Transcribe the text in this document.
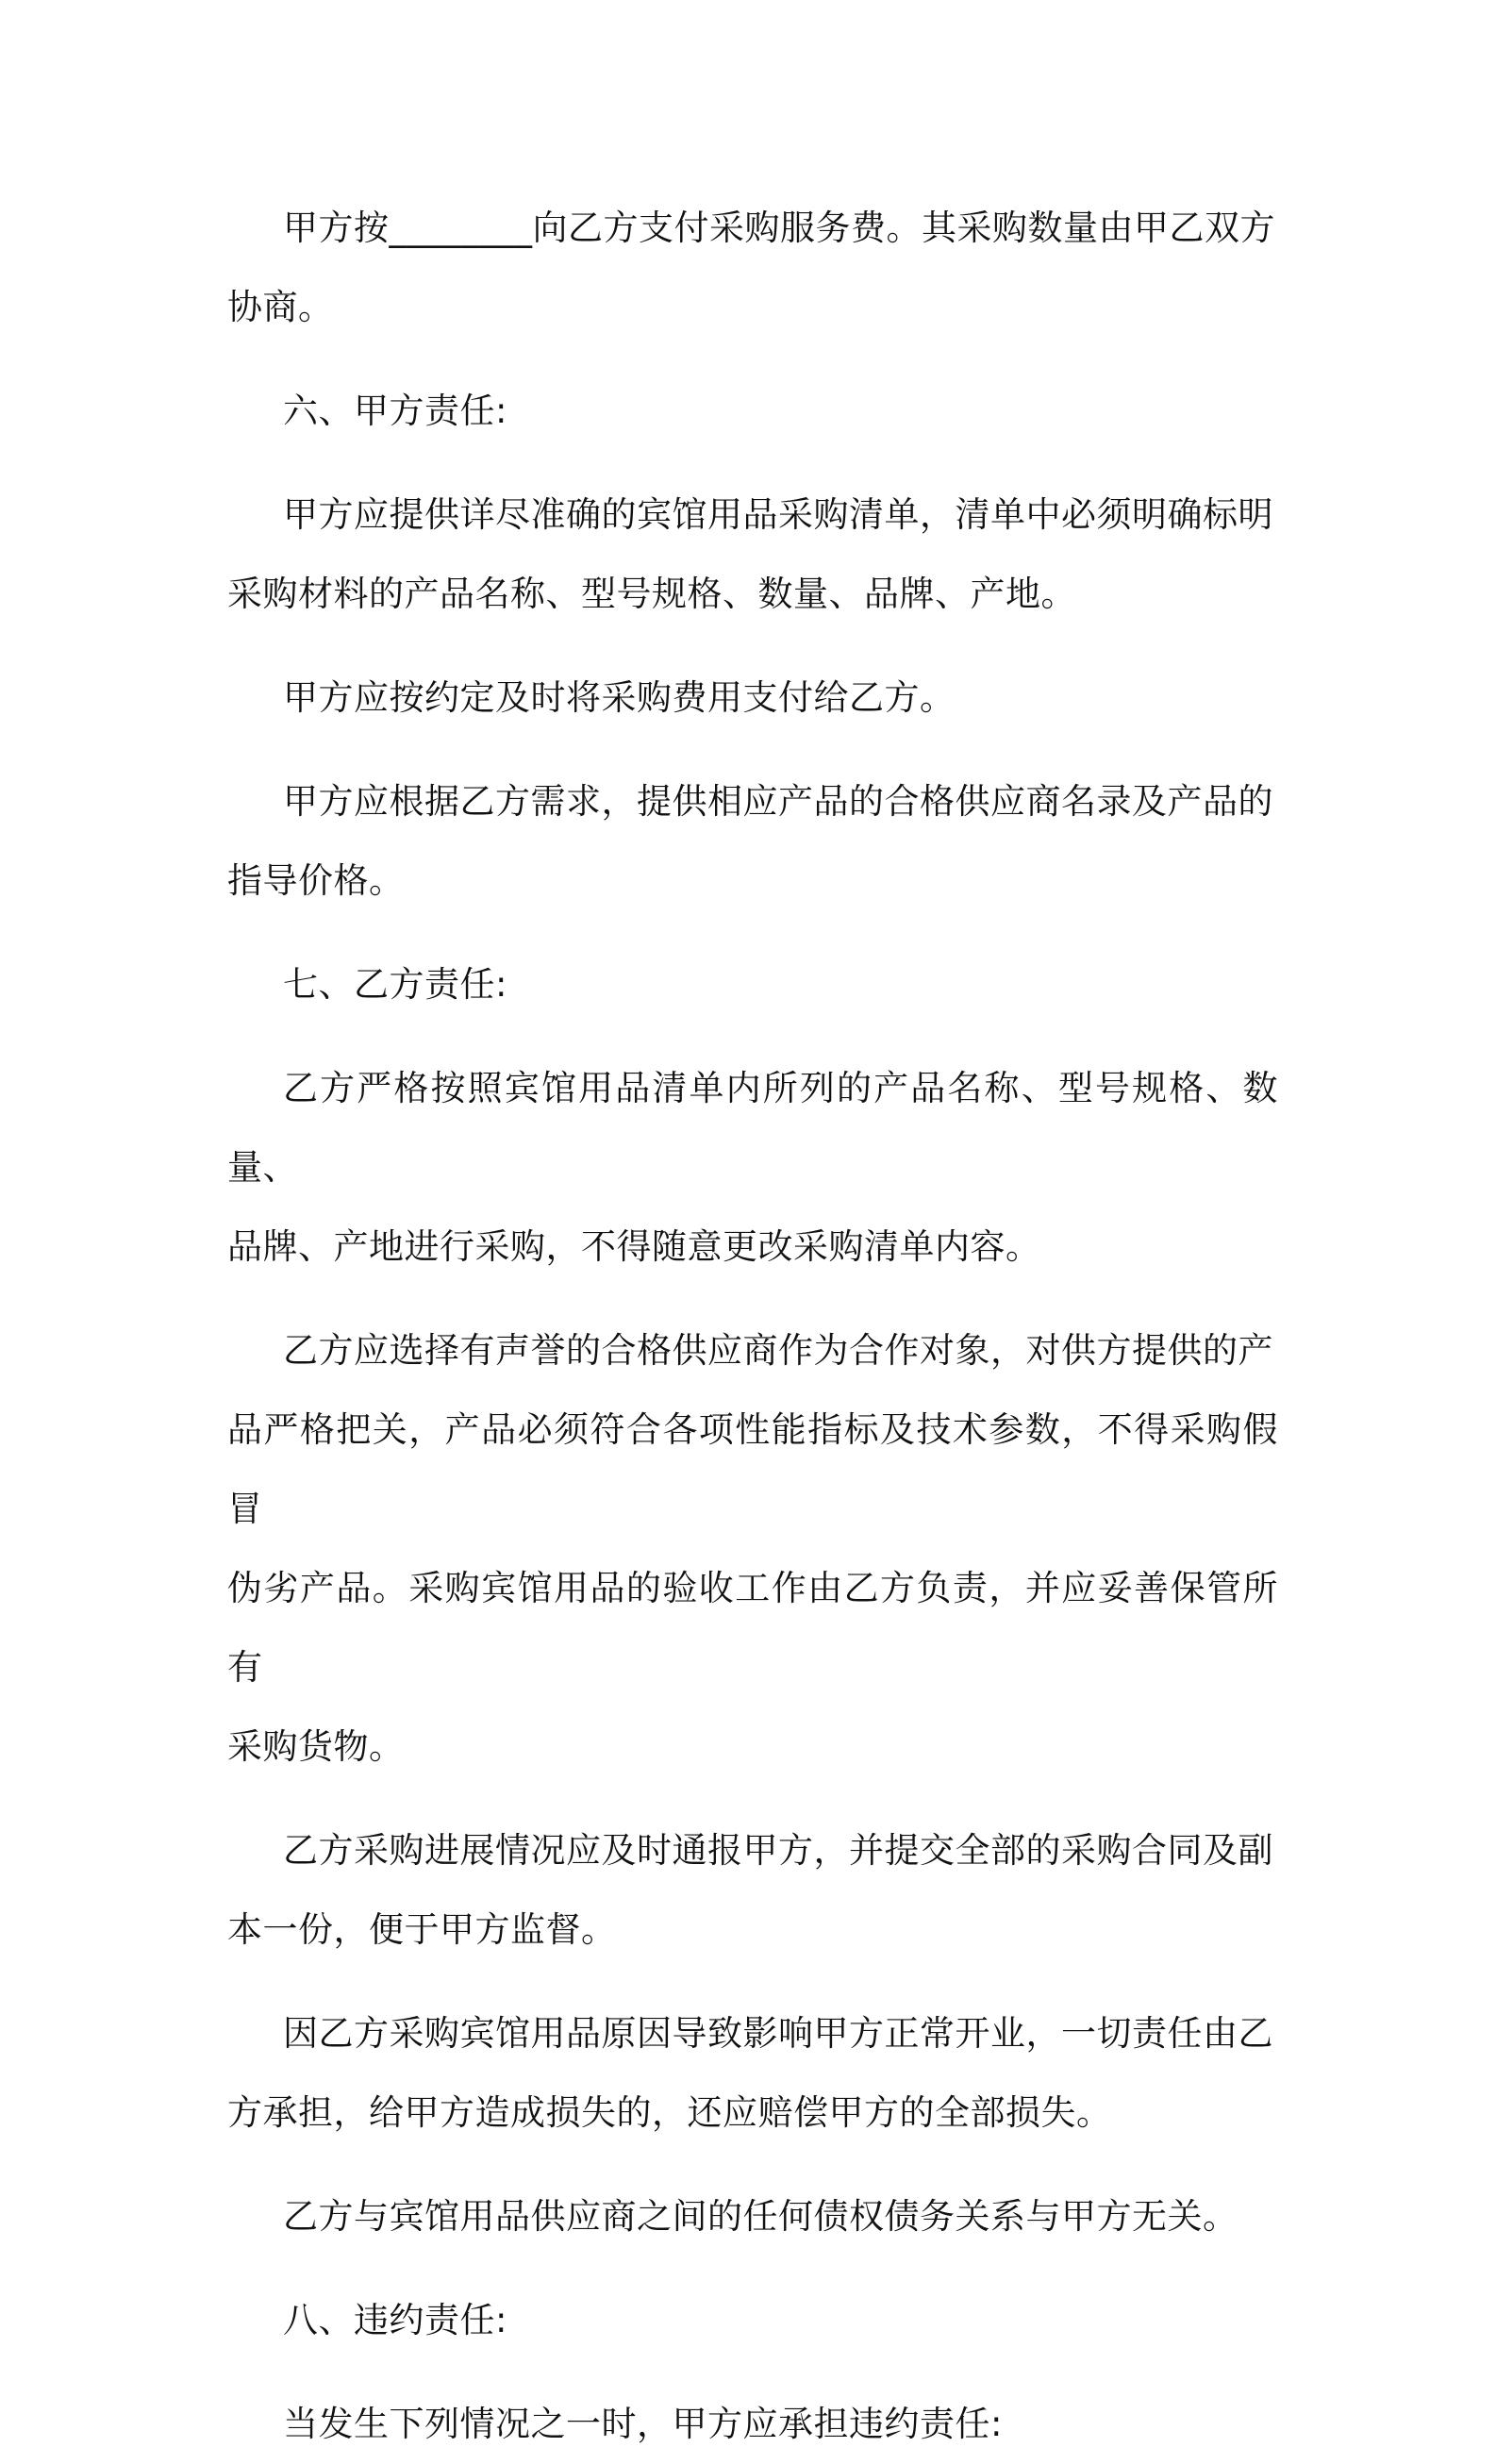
甲方按________向乙方支付采购服务费。其采购数量由甲乙双方
协商。
六、甲方责任:
甲方应提供详尽准确的宾馆用品采购清单，清单中必须明确标明
采购材料的产品名称、型号规格、数量、品牌、产地。
甲方应按约定及时将采购费用支付给乙方。
甲方应根据乙方需求，提供相应产品的合格供应商名录及产品的
指导价格。
七、乙方责任:
乙方严格按照宾馆用品清单内所列的产品名称、型号规格、数量、
品牌、产地进行采购，不得随意更改采购清单内容。
乙方应选择有声誉的合格供应商作为合作对象，对供方提供的产
品严格把关，产品必须符合各项性能指标及技术参数，不得采购假冒
伪劣产品。采购宾馆用品的验收工作由乙方负责，并应妥善保管所有
采购货物。
乙方采购进展情况应及时通报甲方，并提交全部的采购合同及副
本一份，便于甲方监督。
因乙方采购宾馆用品原因导致影响甲方正常开业，一切责任由乙
方承担，给甲方造成损失的，还应赔偿甲方的全部损失。
乙方与宾馆用品供应商之间的任何债权债务关系与甲方无关。
八、违约责任:
当发生下列情况之一时，甲方应承担违约责任:
